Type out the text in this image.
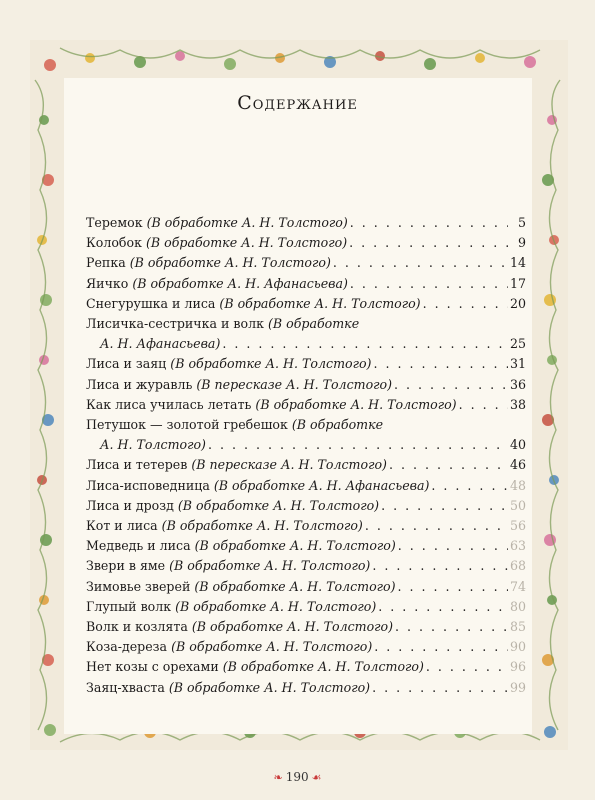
Содержание
Теремок (В обработке А. Н. Толстого) . . .	5
Колобок (В обработке А. Н. Толстого) . . .	9
Репка (В обработке А. Н. Толстого) . . .	14
Яичко (В обработке А. Н. Афанасьева) . . .	17
Снегурушка и лиса (В обработке А. Н. Толстого) . . .	20
Лисичка-сестричка и волк (В обработке
А. Н. Афанасьева) . . .	25
Лиса и заяц (В обработке А. Н. Толстого) . . .	31
Лиса и журавль (В пересказе А. Н. Толстого) . . .	36
Как лиса училась летать (В обработке А. Н. Толстого) . . .	38
Петушок — золотой гребешок (В обработке
А. Н. Толстого) . . .	40
Лиса и тетерев (В пересказе А. Н. Толстого) . . .	46
Лиса-исповедница (В обработке А. Н. Афанасьева) . . .	48
Лиса и дрозд (В обработке А. Н. Толстого) . . .	50
Кот и лиса (В обработке А. Н. Толстого) . . .	56
Медведь и лиса (В обработке А. Н. Толстого) . . .	63
Звери в яме (В обработке А. Н. Толстого) . . .	68
Зимовье зверей (В обработке А. Н. Толстого) . . .	74
Глупый волк (В обработке А. Н. Толстого) . . .	80
Волк и козлята (В обработке А. Н. Толстого) . . .	85
Коза-дереза (В обработке А. Н. Толстого) . . .	90
Нет козы с орехами (В обработке А. Н. Толстого) . . .	96
Заяц-хваста (В обработке А. Н. Толстого) . . .	99
❧ 190 ☙
